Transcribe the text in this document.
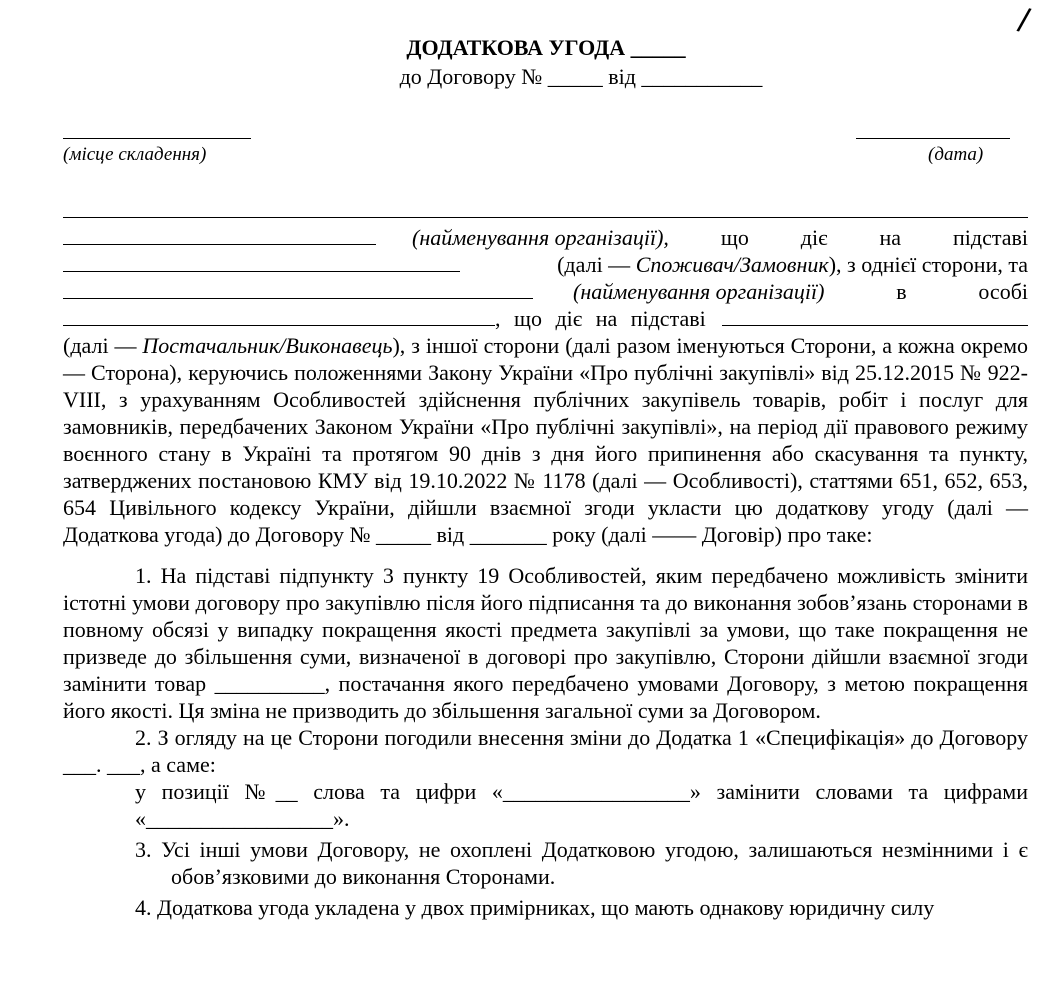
/
ДОДАТКОВА УГОДА _____
до Договору № _____ від ___________
(місце складення)	(дата)
(найменування організації), що діє на підставі
(далі — Споживач/Замовник), з однієї сторони, та
(найменування організації)	в	особі
, що діє на підставі

(далі — Постачальник/Виконавець), з іншої сторони (далі разом іменуються Сторони, а кожна окремо — Сторона), керуючись положеннями Закону України «Про публічні закупівлі» від 25.12.2015 № 922-VIII, з урахуванням Особливостей здійснення публічних закупівель товарів, робіт і послуг для замовників, передбачених Законом України «Про публічні закупівлі», на період дії правового режиму воєнного стану в Україні та протягом 90 днів з дня його припинення або скасування та пункту, затверджених постановою КМУ від 19.10.2022 № 1178 (далі — Особливості), статтями 651, 652, 653, 654 Цивільного кодексу України, дійшли взаємної згоди укласти цю додаткову угоду (далі — Додаткова угода) до Договору № _____ від _______ року (далі —— Договір) про таке:

1. На підставі підпункту 3 пункту 19 Особливостей, яким передбачено можливість змінити істотні умови договору про закупівлю після його підписання та до виконання зобов’язань сторонами в повному обсязі у випадку покращення якості предмета закупівлі за умови, що таке покращення не призведе до збільшення суми, визначеної в договорі про закупівлю, Сторони дійшли взаємної згоди замінити товар __________, постачання якого передбачено умовами Договору, з метою покращення його якості. Ця зміна не призводить до збільшення загальної суми за Договором.

2. З огляду на це Сторони погодили внесення зміни до Додатка 1 «Специфікація» до Договору ___. ___, а саме:

у позиції №__ слова та цифри «_________________» замінити словами та цифрами «_________________».

3. Усі інші умови Договору, не охоплені Додатковою угодою, залишаються незмінними і є обов’язковими до виконання Сторонами.

4. Додаткова угода укладена у двох примірниках, що мають однакову юридичну силу
